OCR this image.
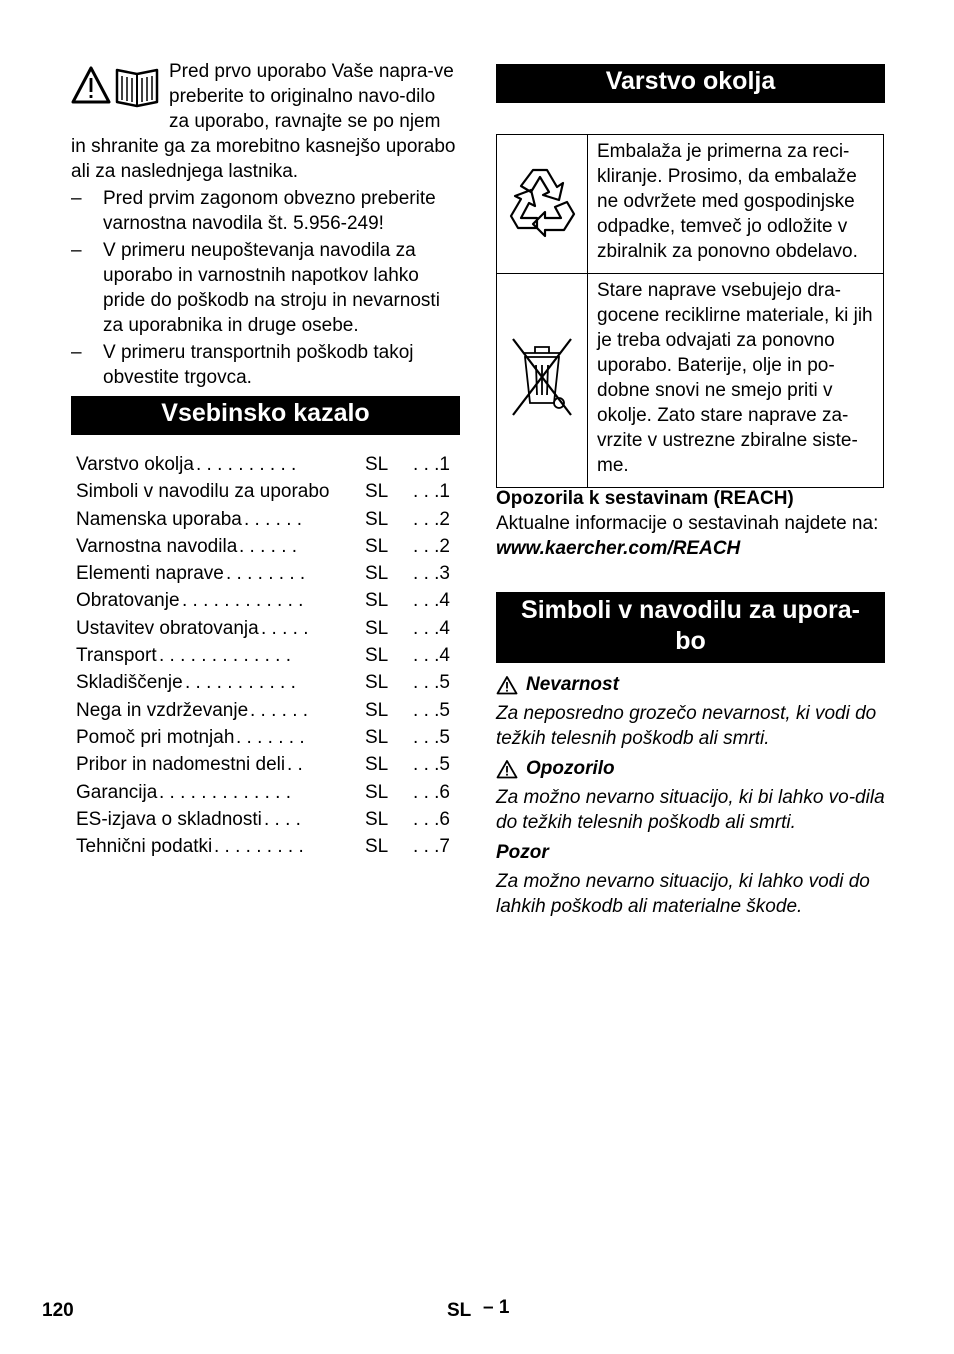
Pred prvo uporabo Vaše napra-ve preberite to originalno navo-dilo za uporabo, ravnajte se po njem in shranite ga za morebitno kasnejšo uporabo ali za naslednjega lastnika.

– Pred prvim zagonom obvezno preberite varnostna navodila št. 5.956-249!
– V primeru neupoštevanja navodila za uporabo in varnostnih napotkov lahko pride do poškodb na stroju in nevarnosti za uporabnika in druge osebe.
– V primeru transportnih poškodb takoj obvestite trgovca.
Vsebinsko kazalo
Varstvo okolja . . . . . . . . . .	SL . . .1
Simboli v navodilu za uporabo SL . . .1
Namenska uporaba . . . . . .	SL . . .2
Varnostna navodila . . . . . .	SL . . .2
Elementi naprave . . . . . . . .	SL . . .3
Obratovanje . . . . . . . . . . . .	SL . . .4
Ustavitev obratovanja . . . . .	SL . . .4
Transport . . . . . . . . . . . . .	SL . . .4
Skladiščenje . . . . . . . . . . .	SL . . .5
Nega in vzdrževanje . . . . . .	SL . . .5
Pomoč pri motnjah . . . . . . .	SL . . .5
Pribor in nadomestni deli . .	SL . . .5
Garancija . . . . . . . . . . . . .	SL . . .6
ES-izjava o skladnosti . . . .	SL . . .6
Tehnični podatki . . . . . . . . .	SL . . .7
Varstvo okolja
	Embalaža je primerna za reci-kliranje. Prosimo, da embalaže ne odvržete med gospodinjske odpadke, temveč jo odložite v zbiralnik za ponovno obdelavo.
	Stare naprave vsebujejo dra-gocene reciklirne materiale, ki jih je treba odvajati za ponovno uporabo. Baterije, olje in po-dobne snovi ne smejo priti v okolje. Zato stare naprave za-vrzite v ustrezne zbiralne siste-me.

Opozorila k sestavinam (REACH)

Aktualne informacije o sestavinah najdete na:

www.kaercher.com/REACH

Simboli v navodilu za upora-
bo
Nevarnost

Za neposredno grozečo nevarnost, ki vodi do težkih telesnih poškodb ali smrti.

Opozorilo

Za možno nevarno situacijo, ki bi lahko vo-dila do težkih telesnih poškodb ali smrti.

Pozor

Za možno nevarno situacijo, ki lahko vodi do lahkih poškodb ali materialne škode.

120	SL – 1
